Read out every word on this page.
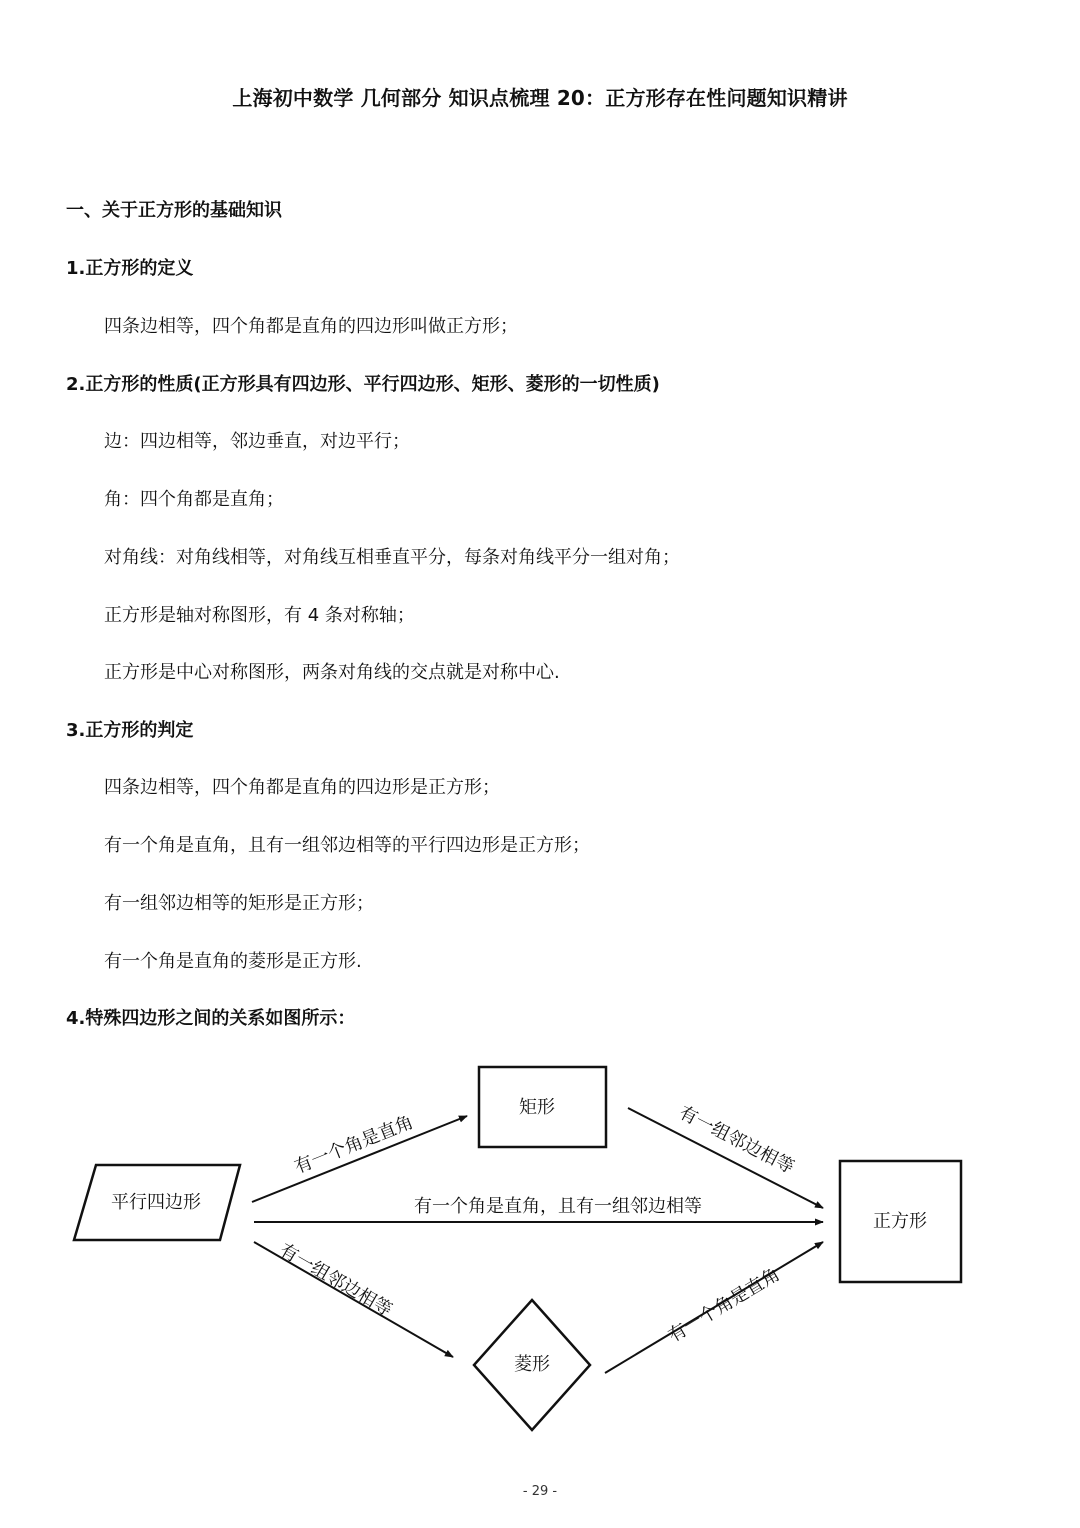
上海初中数学 几何部分 知识点梳理 20：正方形存在性问题知识精讲
一、关于正方形的基础知识
1.正方形的定义
四条边相等，四个角都是直角的四边形叫做正方形；
2.正方形的性质(正方形具有四边形、平行四边形、矩形、菱形的一切性质)
边：四边相等，邻边垂直，对边平行；
角：四个角都是直角；
对角线：对角线相等，对角线互相垂直平分，每条对角线平分一组对角；
正方形是轴对称图形，有 4 条对称轴；
正方形是中心对称图形，两条对角线的交点就是对称中心.
3.正方形的判定
四条边相等，四个角都是直角的四边形是正方形；
有一个角是直角，且有一组邻边相等的平行四边形是正方形；
有一组邻边相等的矩形是正方形；
有一个角是直角的菱形是正方形.
4.特殊四边形之间的关系如图所示：
平行四边形
矩形
正方形
菱形
有一个角是直角
有一个角是直角，且有一组邻边相等
有一组邻边相等
有一组邻边相等
有一个角是直角
- 29 -
